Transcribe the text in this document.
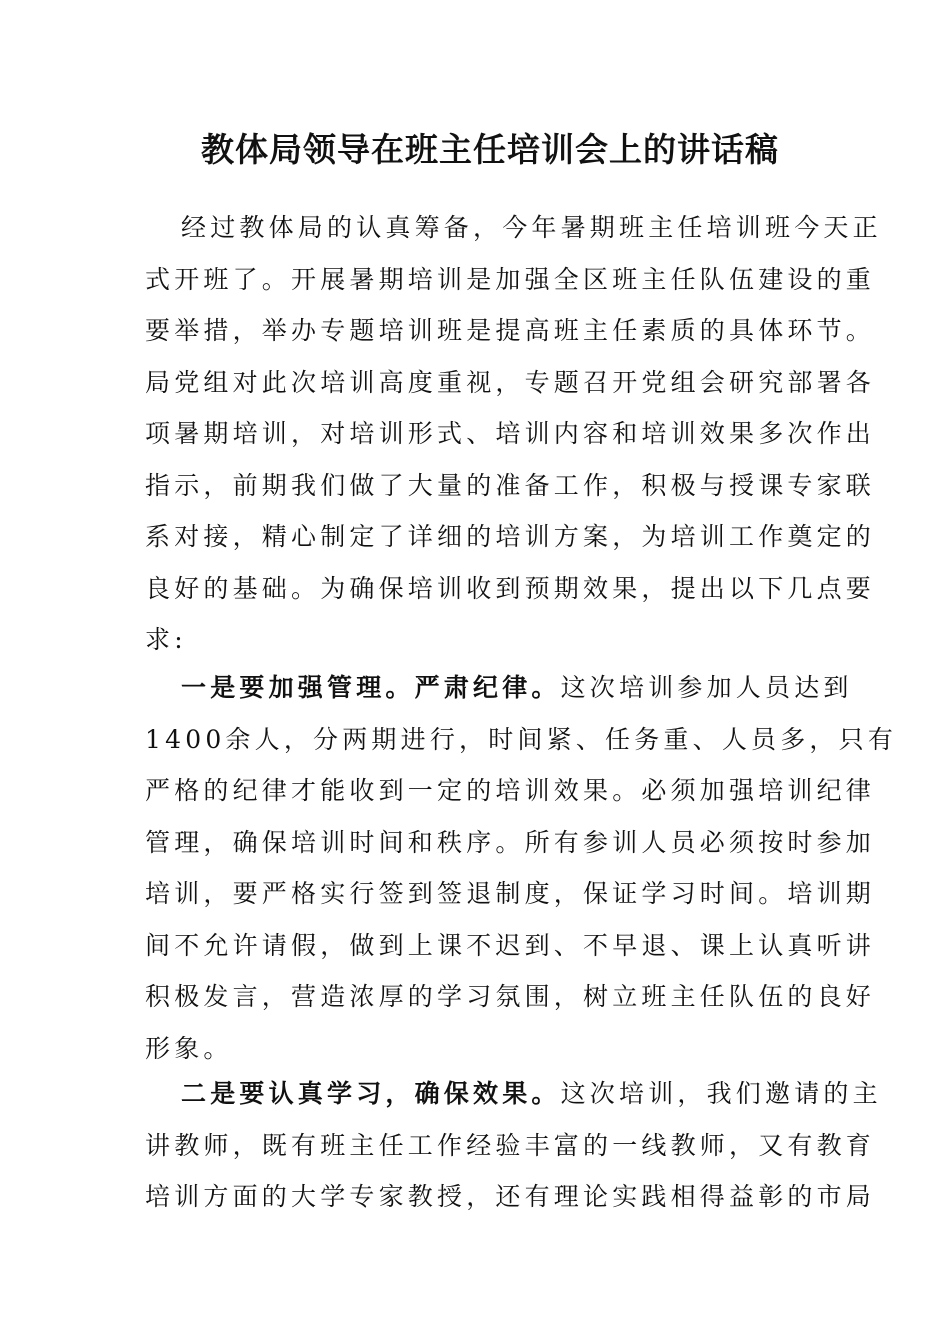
教体局领导在班主任培训会上的讲话稿
经过教体局的认真筹备，今年暑期班主任培训班今天正
式开班了。开展暑期培训是加强全区班主任队伍建设的重
要举措，举办专题培训班是提高班主任素质的具体环节。
局党组对此次培训高度重视，专题召开党组会研究部署各
项暑期培训，对培训形式、培训内容和培训效果多次作出
指示，前期我们做了大量的准备工作，积极与授课专家联
系对接，精心制定了详细的培训方案，为培训工作奠定的
良好的基础。为确保培训收到预期效果，提出以下几点要
求:
一是要加强管理。严肃纪律。这次培训参加人员达到
1400余人，分两期进行，时间紧、任务重、人员多，只有
严格的纪律才能收到一定的培训效果。必须加强培训纪律
管理，确保培训时间和秩序。所有参训人员必须按时参加
培训，要严格实行签到签退制度，保证学习时间。培训期
间不允许请假，做到上课不迟到、不早退、课上认真听讲
积极发言，营造浓厚的学习氛围，树立班主任队伍的良好
形象。
二是要认真学习，确保效果。这次培训，我们邀请的主
讲教师，既有班主任工作经验丰富的一线教师，又有教育
培训方面的大学专家教授，还有理论实践相得益彰的市局
